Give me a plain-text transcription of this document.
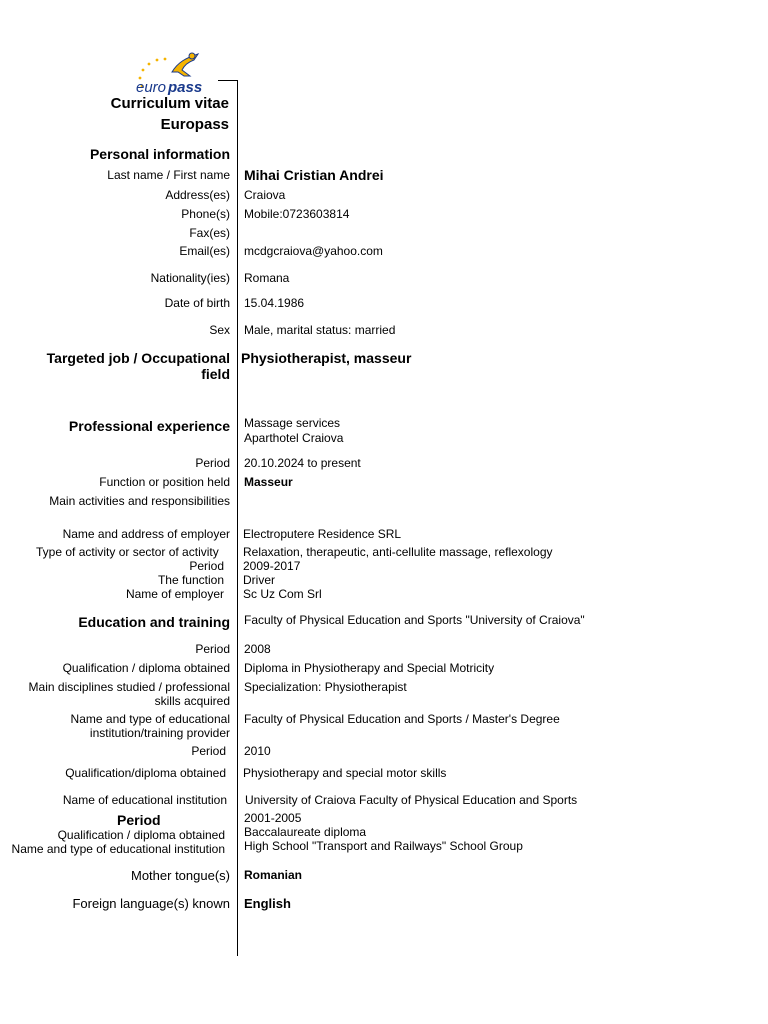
euro pass
Curriculum vitae
Europass
Personal information
Last name / First name Mihai Cristian Andrei
Address(es) Craiova
Phone(s) Mobile:0723603814
Fax(es)
Email(es) mcdgcraiova@yahoo.com
Nationality(ies) Romana
Date of birth 15.04.1986
Sex Male, marital status: married
Targeted job / Occupational
field
Physiotherapist, masseur
Professional experience Massage services
Aparthotel Craiova
Period 20.10.2024 to present
Function or position held Masseur
Main activities and responsibilities
Name and address of employer Electroputere Residence SRL
Type of activity or sector of activity Relaxation, therapeutic, anti-cellulite massage, reflexology
Period 2009-2017
The function Driver
Name of employer Sc Uz Com Srl
Education and training Faculty of Physical Education and Sports "University of Craiova"
Period 2008
Qualification / diploma obtained Diploma in Physiotherapy and Special Motricity
Main disciplines studied / professional
skills acquired
Specialization: Physiotherapist
Name and type of educational
institution/training provider
Faculty of Physical Education and Sports / Master's Degree
Period 2010
Qualification/diploma obtained Physiotherapy and special motor skills
Name of educational institution University of Craiova Faculty of Physical Education and Sports
Period	2001-2005
Qualification / diploma obtained Baccalaureate diploma
Name and type of educational institution High School "Transport and Railways" School Group
Mother tongue(s) Romanian
Foreign language(s) known English
